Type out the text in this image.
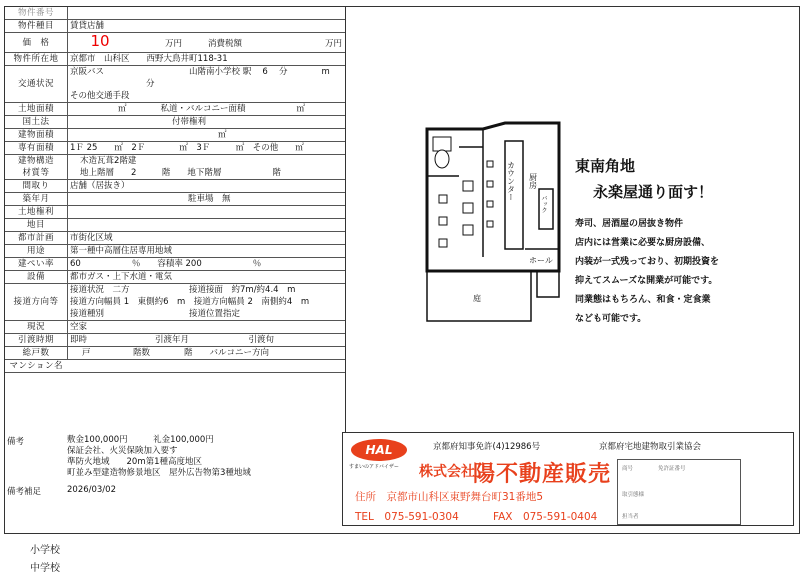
物件番号	
物件種目	賃貸店舗
価　格	10 万円 消費税額 万円
物件所在地	京都市　山科区　　西野大鳥井町118-31
交通状況	京阪バス　　　　　　　　　　山階南小学校 駅　 6　 分　　　　m
	分
	その他交通手段
土地面積	㎡　　　　私道・バルコニー面積　　　　　　㎡
国土法	付帯権利
建物面積	㎡
専有面積	1Ｆ 25　　㎡　2Ｆ　　　　㎡　3Ｆ　　　㎡　その他　　㎡
建物構造	木造瓦葺2階建
材質等	地上階層　　2　　　階　　地下階層　　　　　　階
間取り	店舗（居抜き）
築年月	駐車場　無
土地権利	
地目	
都市計画	市街化区域
用途	第一種中高層住居専用地域
建ぺい率	60　　　　　　％　　容積率 200　　　　　　％
設備	都市ガス・上下水道・電気
接道方向等	接道状況　二方　　　　　　　接道接面　約7m/約4.4　m
	接道方向幅員 1　東側約6　m　接道方向幅員 2　南側約4　m
	接道種別　　　　　　　　　　接道位置指定
現況	空家
引渡時期	即時　　　　　　　　引渡年月　　　　　　　引渡旬
総戸数	戸　　　　　階数　　　　階　　バルコニー方向
マンション名	
備考	敷金100,000円　　　礼金100,000円
保証会社、火災保険加入要す
準防火地域　　20m第1種高度地区
町並み型建造物修景地区　屋外広告物第3種地域
備考補足	2026/03/02
カウンター 厨房
バック
ホール
庭
東南角地
永楽屋通り面す！
寿司、居酒屋の居抜き物件
店内には営業に必要な厨房設備、
内装が一式残っており、初期投資を
抑えてスムーズな開業が可能です。
同業態はもちろん、和食・定食業
なども可能です。
HAL
すまいのアドバイザー
京都府知事免許(4)12986号	京都府宅地建物取引業協会
株式会社
陽不動産販売
住所　京都市山科区東野舞台町31番地5
TEL　075-591-0304	FAX　075-591-0404
商号	免許証番号
取引態様
担当者
小学校
中学校
